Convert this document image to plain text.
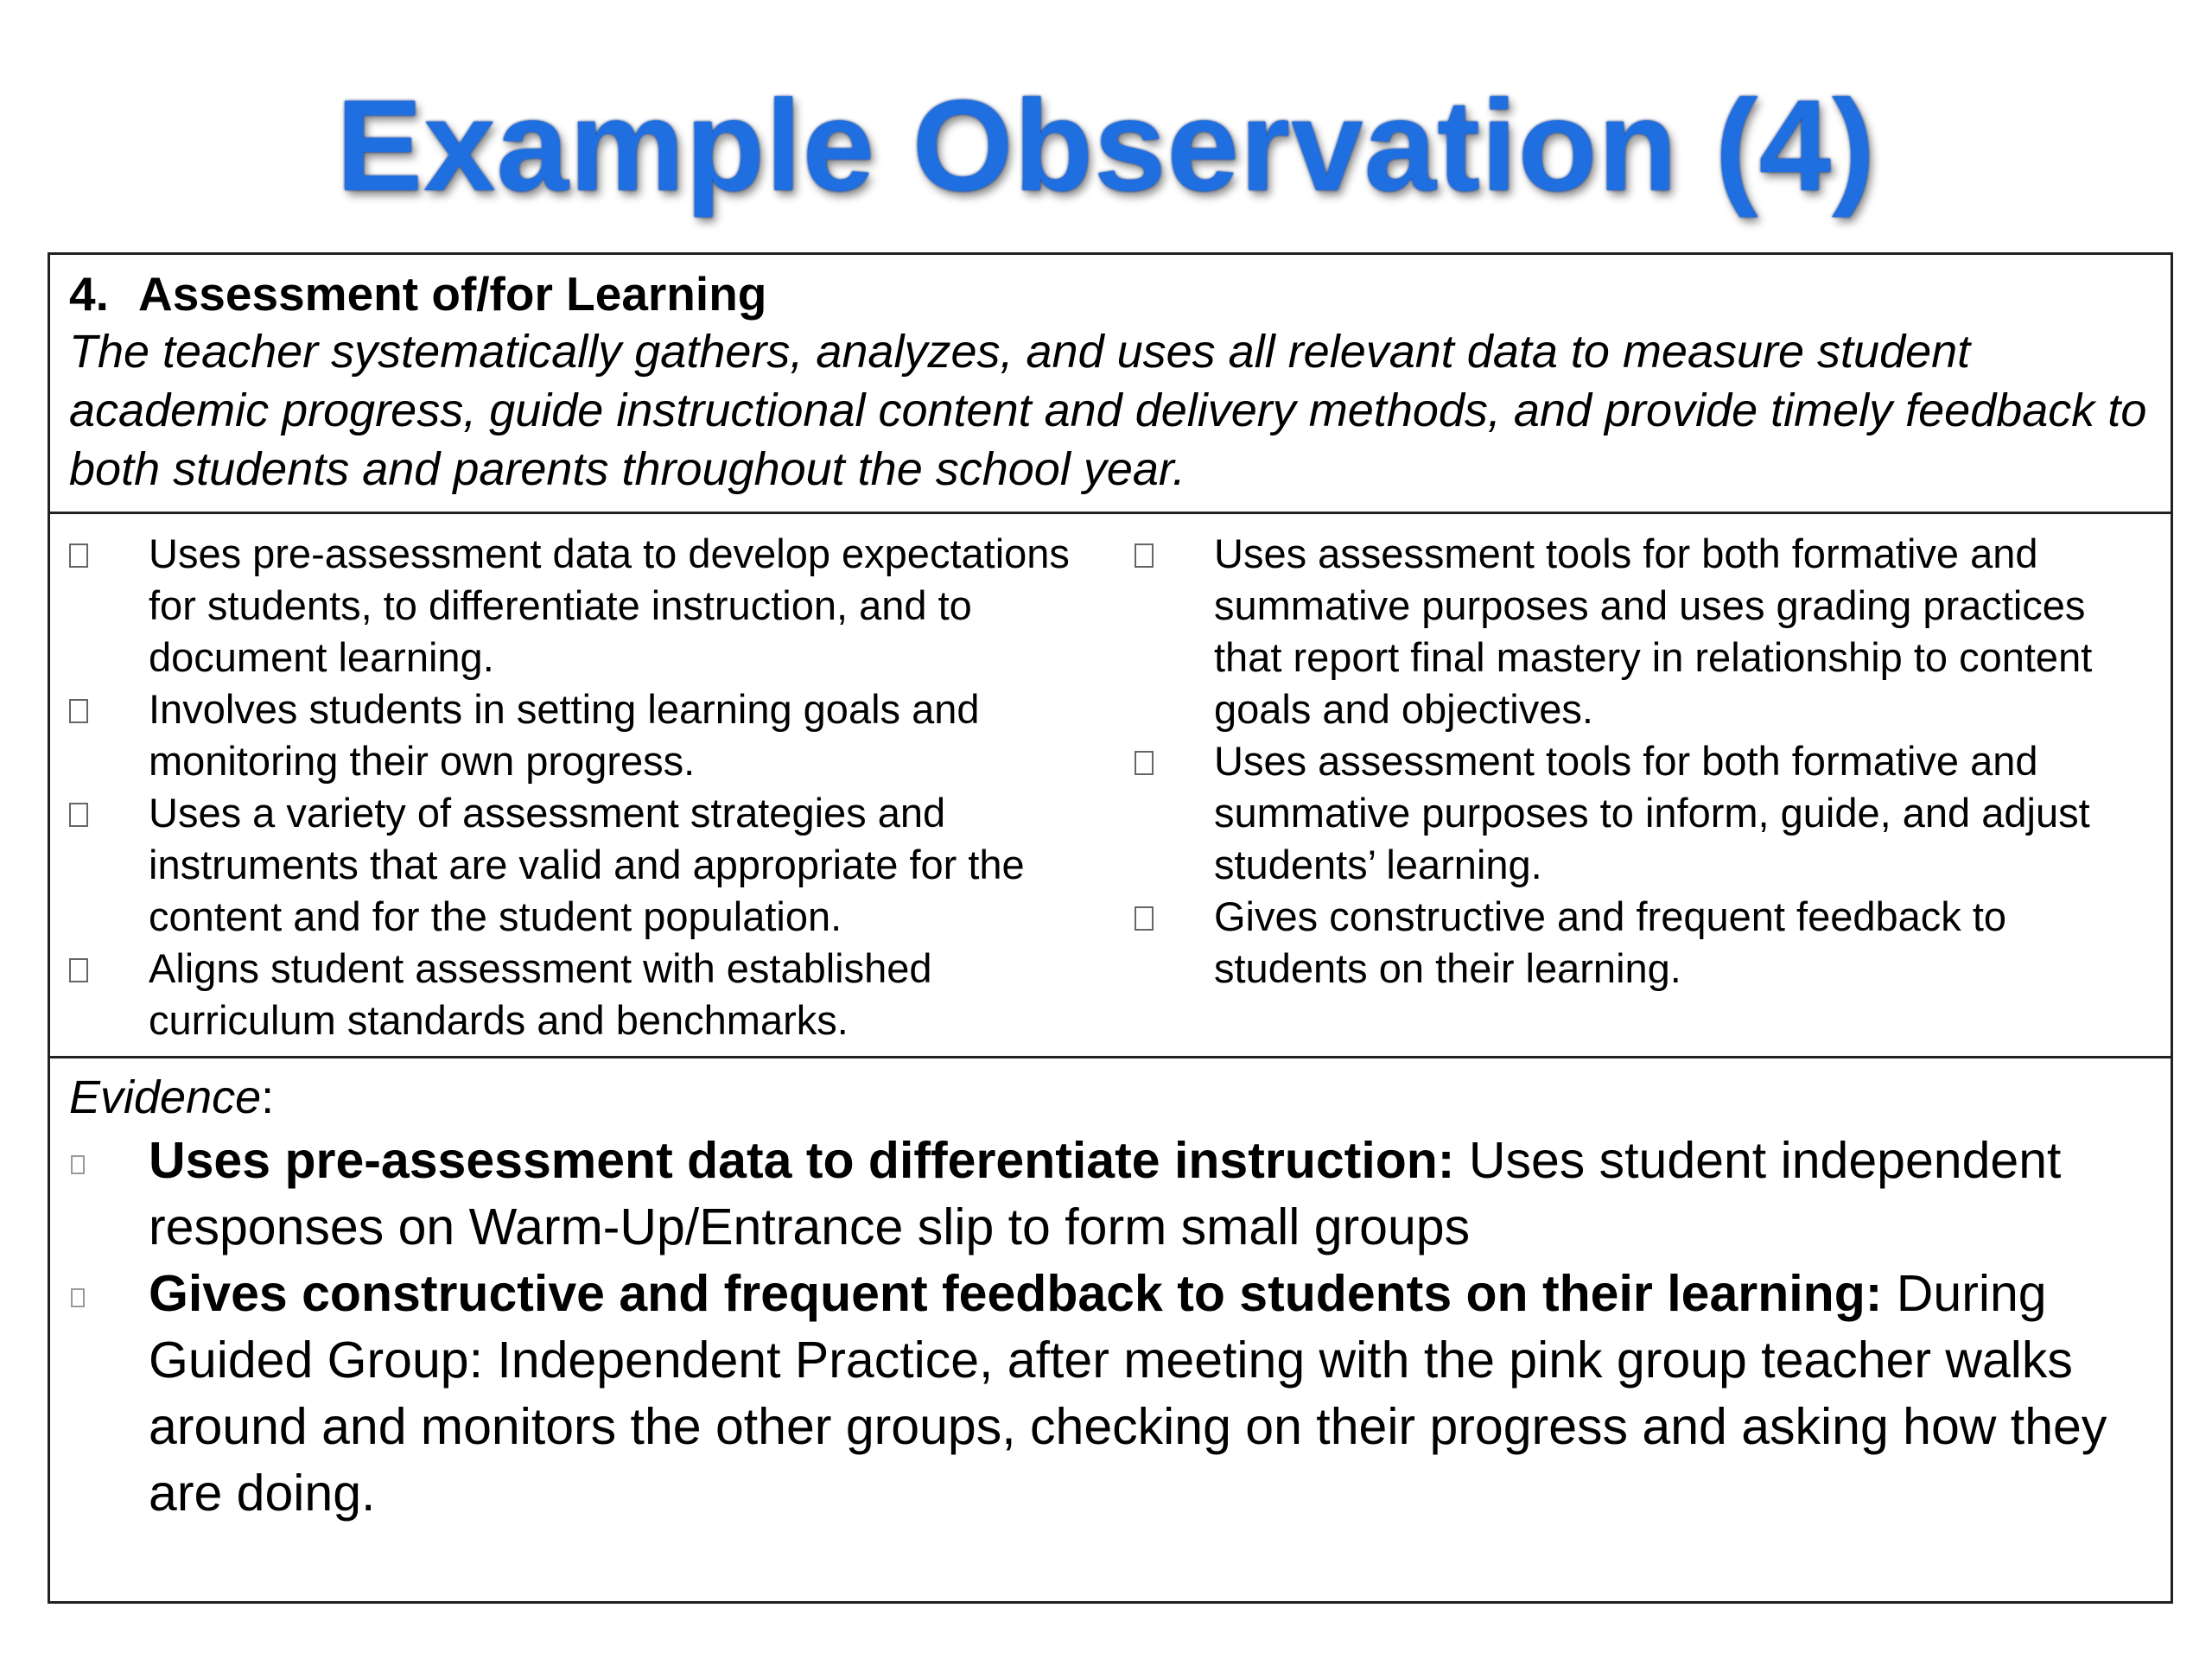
Example Observation (4)
4. Assessment of/for Learning
The teacher systematically gathers, analyzes, and uses all relevant data to measure student academic progress, guide instructional content and delivery methods, and provide timely feedback to both students and parents throughout the school year.
Uses pre-assessment data to develop expectations for students, to differentiate instruction, and to document learning.
Involves students in setting learning goals and monitoring their own progress.
Uses a variety of assessment strategies and instruments that are valid and appropriate for the content and for the student population.
Aligns student assessment with established curriculum standards and benchmarks.
Uses assessment tools for both formative and summative purposes and uses grading practices that report final mastery in relationship to content goals and objectives.
Uses assessment tools for both formative and summative purposes to inform, guide, and adjust students’ learning.
Gives constructive and frequent feedback to students on their learning.
Evidence:
Uses pre-assessment data to differentiate instruction: Uses student independent responses on Warm-Up/Entrance slip to form small groups
Gives constructive and frequent feedback to students on their learning: During Guided Group: Independent Practice, after meeting with the pink group teacher walks around and monitors the other groups, checking on their progress and asking how they are doing.
